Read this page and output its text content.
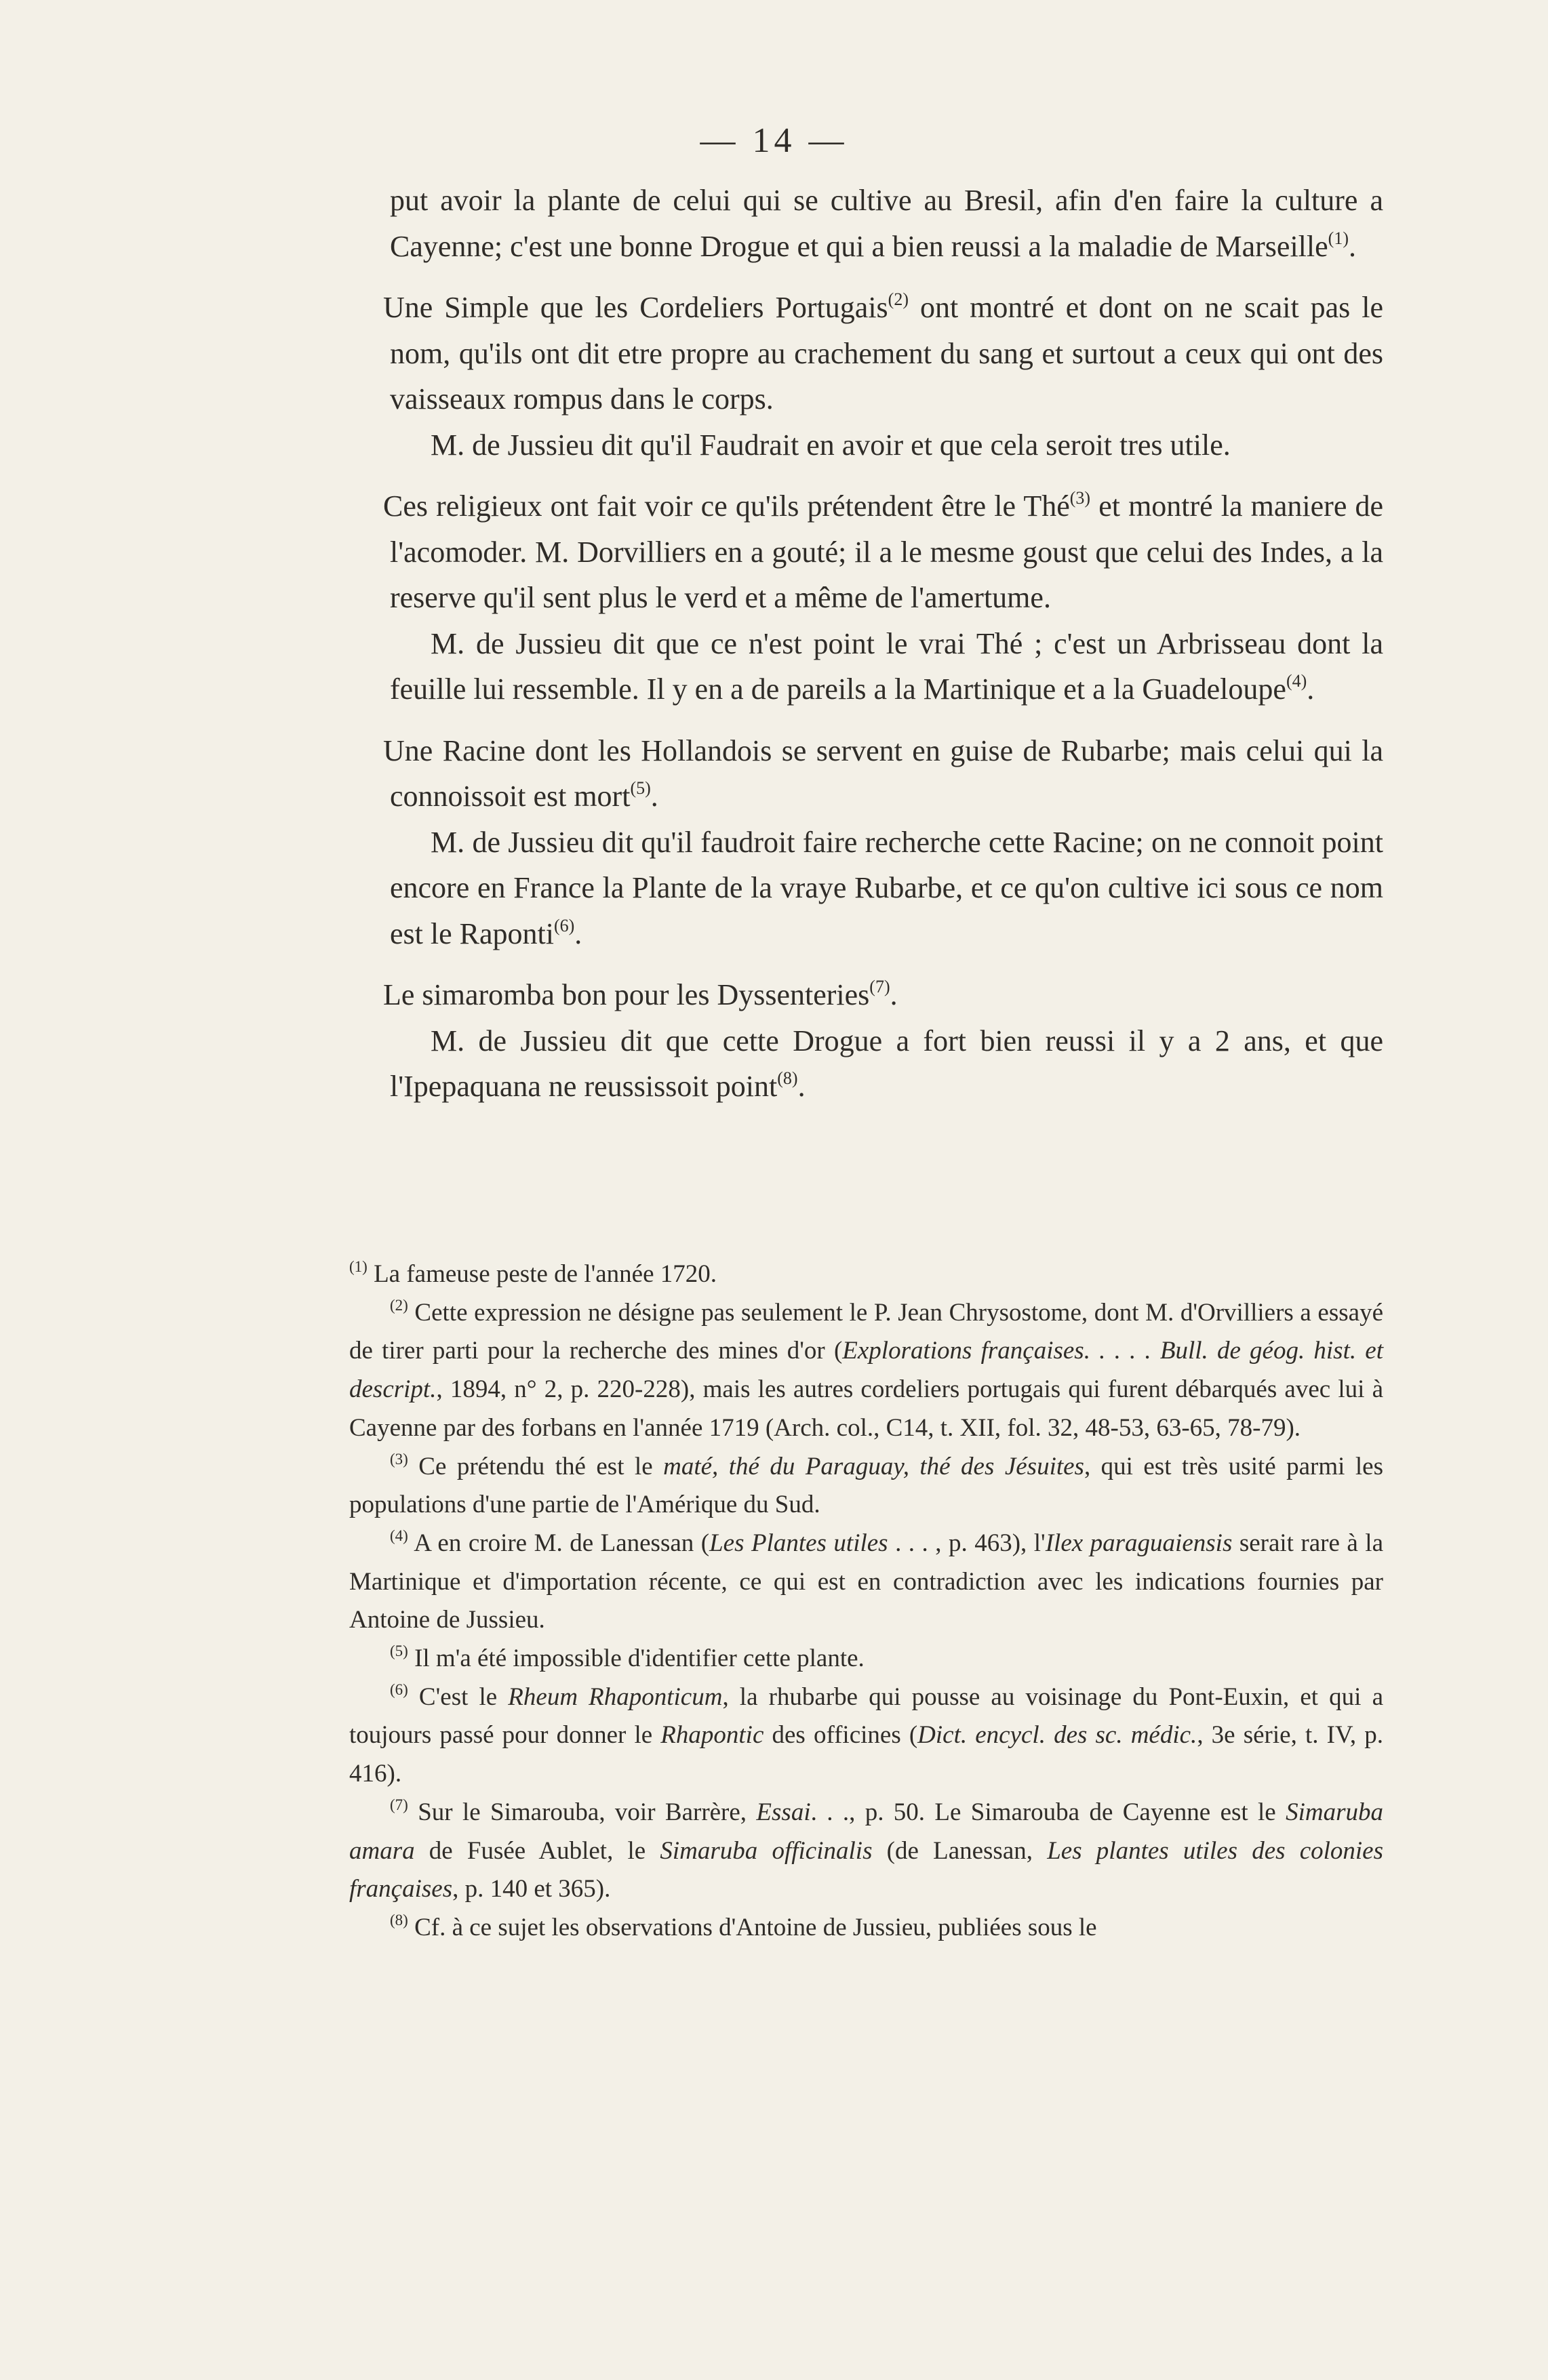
— 14 —

put avoir la plante de celui qui se cultive au Bresil, afin d'en faire la culture a Cayenne; c'est une bonne Drogue et qui a bien reussi a la maladie de Marseille$^{(1)}$.

Une Simple que les Cordeliers Portugais$^{(2)}$ ont montré et dont on ne scait pas le nom, qu'ils ont dit etre propre au crachement du sang et surtout a ceux qui ont des vaisseaux rompus dans le corps.

M. de Jussieu dit qu'il Faudrait en avoir et que cela seroit tres utile.

Ces religieux ont fait voir ce qu'ils prétendent être le Thé$^{(3)}$ et montré la maniere de l'acomoder. M. Dorvilliers en a gouté; il a le mesme goust que celui des Indes, a la reserve qu'il sent plus le verd et a même de l'amertume.

M. de Jussieu dit que ce n'est point le vrai Thé ; c'est un Arbrisseau dont la feuille lui ressemble. Il y en a de pareils a la Martinique et a la Guadeloupe$^{(4)}$.

Une Racine dont les Hollandois se servent en guise de Rubarbe; mais celui qui la connoissoit est mort$^{(5)}$.

M. de Jussieu dit qu'il faudroit faire recherche cette Racine; on ne connoit point encore en France la Plante de la vraye Rubarbe, et ce qu'on cultive ici sous ce nom est le Raponti$^{(6)}$.

Le simaromba bon pour les Dyssenteries$^{(7)}$.

M. de Jussieu dit que cette Drogue a fort bien reussi il y a 2 ans, et que l'Ipepaquana ne reussissoit point$^{(8)}$.

$^{(1)}$ La fameuse peste de l'année 1720.

$^{(2)}$ Cette expression ne désigne pas seulement le P. Jean Chrysostome, dont M. d'Orvilliers a essayé de tirer parti pour la recherche des mines d'or (Explorations françaises. . . . . Bull. de géog. hist. et descript., 1894, n° 2, p. 220-228), mais les autres cordeliers portugais qui furent débarqués avec lui à Cayenne par des forbans en l'année 1719 (Arch. col., C14, t. XII, fol. 32, 48-53, 63-65, 78-79).

$^{(3)}$ Ce prétendu thé est le maté, thé du Paraguay, thé des Jésuites, qui est très usité parmi les populations d'une partie de l'Amérique du Sud.

$^{(4)}$ A en croire M. de Lanessan (Les Plantes utiles . . . , p. 463), l'Ilex paraguaiensis serait rare à la Martinique et d'importation récente, ce qui est en contradiction avec les indications fournies par Antoine de Jussieu.

$^{(5)}$ Il m'a été impossible d'identifier cette plante.

$^{(6)}$ C'est le Rheum Rhaponticum, la rhubarbe qui pousse au voisinage du Pont-Euxin, et qui a toujours passé pour donner le Rhapontic des officines (Dict. encycl. des sc. médic., 3e série, t. IV, p. 416).

$^{(7)}$ Sur le Simarouba, voir Barrère, Essai. . ., p. 50. Le Simarouba de Cayenne est le Simaruba amara de Fusée Aublet, le Simaruba officinalis (de Lanessan, Les plantes utiles des colonies françaises, p. 140 et 365).

$^{(8)}$ Cf. à ce sujet les observations d'Antoine de Jussieu, publiées sous le
